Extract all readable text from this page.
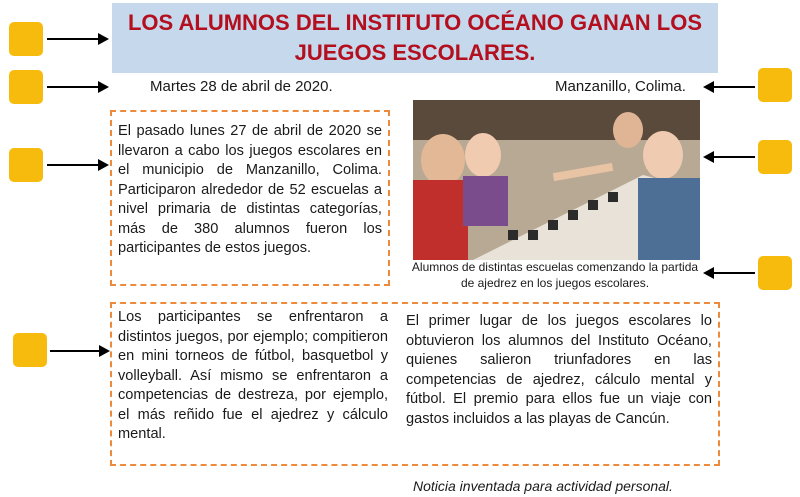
LOS ALUMNOS DEL INSTITUTO OCÉANO GANAN LOS JUEGOS ESCOLARES.
Martes 28 de abril de 2020.	Manzanillo, Colima.
El pasado lunes 27 de abril de 2020 se llevaron a cabo los juegos escolares en el municipio de Manzanillo, Colima. Participaron alrededor de 52 escuelas a nivel primaria de distintas categorías, más de 380 alumnos fueron los participantes de estos juegos.
Alumnos de distintas escuelas comenzando la partida de ajedrez en los juegos escolares.
Los participantes se enfrentaron a distintos juegos, por ejemplo; compitieron en mini torneos de fútbol, basquetbol y volleyball. Así mismo se enfrentaron a competencias de destreza, por ejemplo, el más reñido fue el ajedrez y cálculo mental.
El primer lugar de los juegos escolares lo obtuvieron los alumnos del Instituto Océano, quienes salieron triunfadores en las competencias de ajedrez, cálculo mental y fútbol. El premio para ellos fue un viaje con gastos incluidos a las playas de Cancún.
Noticia inventada para actividad personal.
